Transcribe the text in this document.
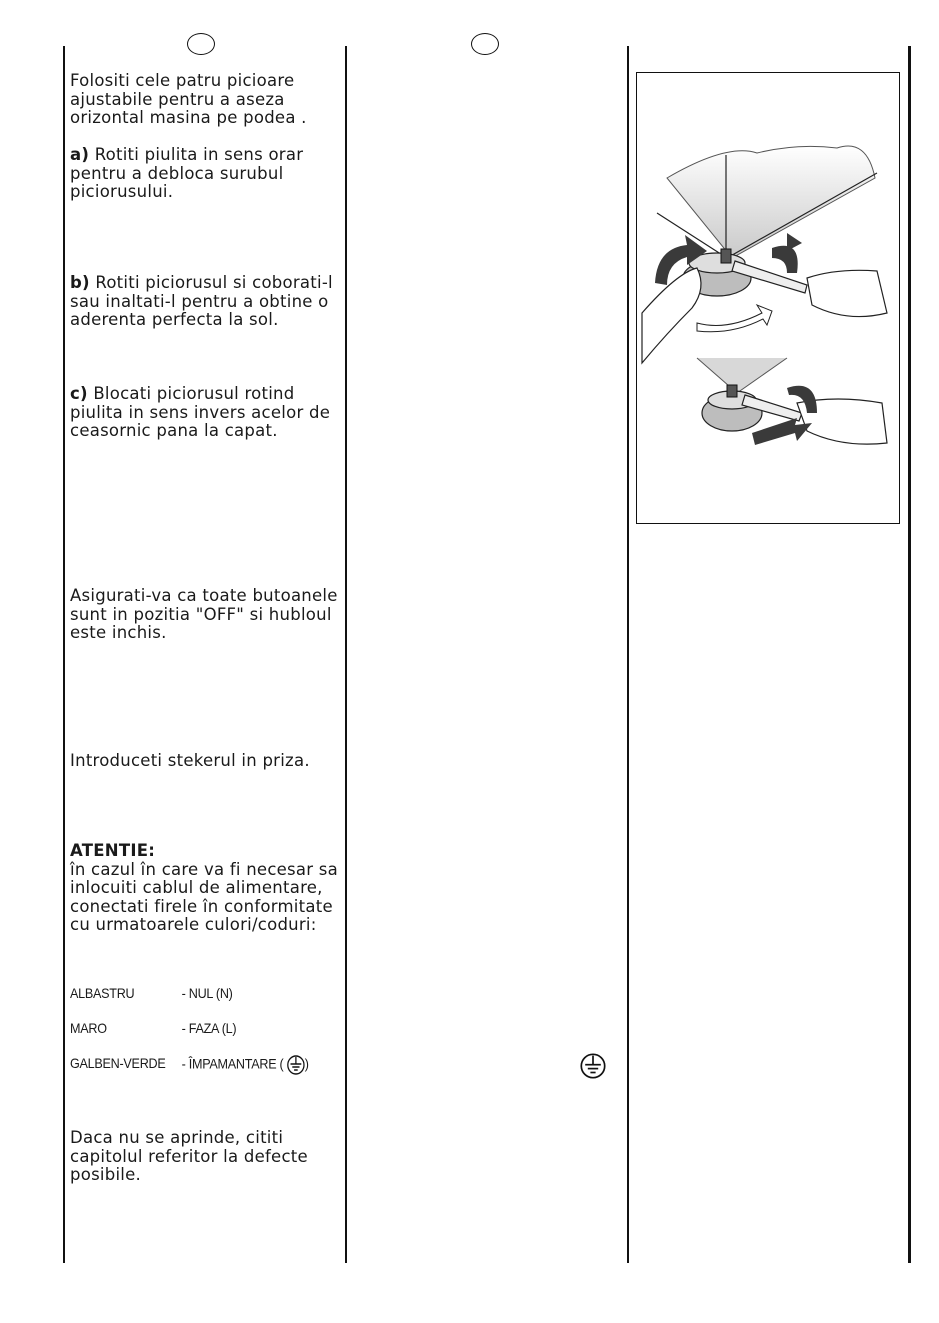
Folositi cele patru picioare ajustabile pentru a aseza orizontal masina pe podea .

a) Rotiti piulita in sens orar pentru a debloca surubul piciorusului.

b) Rotiti piciorusul si coborati-l sau inaltati-l pentru a obtine o aderenta perfecta la sol.

c) Blocati piciorusul rotind piulita in sens invers acelor de ceasornic pana la capat.

Asigurati-va ca toate butoanele sunt in pozitia "OFF" si hubloul este inchis.

Introduceti stekerul in priza.

ATENTIE:
în cazul în care va fi necesar sa inlocuiti cablul de alimentare, conectati firele în conformitate cu urmatoarele culori/coduri:

ALBASTRU	- NUL (N)
MARO	- FAZA (L)
GALBEN-VERDE - ÎMPAMANTARE ( )

Daca nu se aprinde, cititi capitolul referitor la defecte posibile.
